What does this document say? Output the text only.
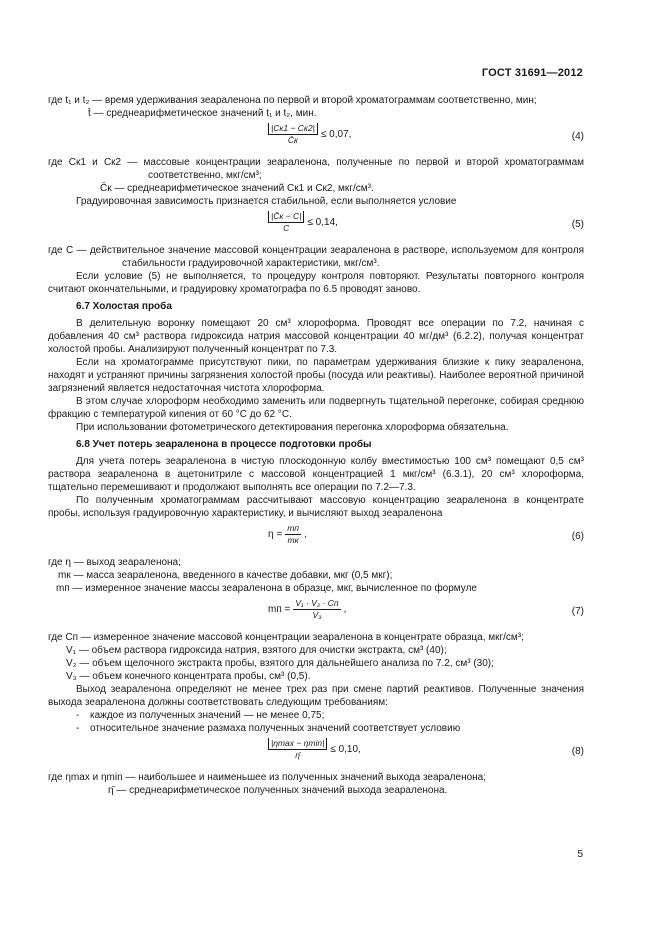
ГОСТ 31691—2012

где t₁ и t₂ — время удерживания зеараленона по первой и второй хроматограммам соответственно, мин;

t̄ — среднеарифметическое значений t₁ и t₂, мин.

$\frac{|Cк1 - Cк2|}{C̄к} \le 0,07$,	(4)

где Cк1 и Cк2 — массовые концентрации зеараленона, полученные по первой и второй хроматограммам соответственно, мкг/см³;

C̄к — среднеарифметическое значений Cк1 и Cк2, мкг/см³.

Градуировочная зависимость признается стабильной, если выполняется условие

$\frac{|C̄к - C|}{C} \le 0,14$,	(5)

где C — действительное значение массовой концентрации зеараленона в растворе, используемом для контроля стабильности градуировочной характеристики, мкг/см³.

Если условие (5) не выполняется, то процедуру контроля повторяют. Результаты повторного контроля считают окончательными, и градуировку хроматографа по 6.5 проводят заново.

6.7 Холостая проба

В делительную воронку помещают 20 см³ хлороформа. Проводят все операции по 7.2, начиная с добавления 40 см³ раствора гидроксида натрия массовой концентрации 40 мг/дм³ (6.2.2), получая концентрат холостой пробы. Анализируют полученный концентрат по 7.3.

Если на хроматограмме присутствуют пики, по параметрам удерживания близкие к пику зеараленона, находят и устраняют причины загрязнения холостой пробы (посуда или реактивы). Наиболее вероятной причиной загрязнений является недостаточная чистота хлороформа.

В этом случае хлороформ необходимо заменить или подвергнуть тщательной перегонке, собирая среднюю фракцию с температурой кипения от 60 °С до 62 °С.

При использовании фотометрического детектирования перегонка хлороформа обязательна.

6.8 Учет потерь зеараленона в процессе подготовки пробы

Для учета потерь зеараленона в чистую плоскодонную колбу вместимостью 100 см³ помещают 0,5 см³ раствора зеараленона в ацетонитриле с массовой концентрацией 1 мкг/см³ (6.3.1), 20 см³ хлороформа, тщательно перемешивают и продолжают выполнять все операции по 7.2—7.3.

По полученным хроматограммам рассчитывают массовую концентрацию зеараленона в концентрате пробы, используя градуировочную характеристику, и вычисляют выход зеараленона

$\eta = \frac{mп}{mк}$ ,	(6)

где η — выход зеараленона;

mк — масса зеараленона, введенного в качестве добавки, мкг (0,5 мкг);

mп — измеренное значение массы зеараленона в образце, мкг, вычисленное по формуле

mп = $\frac{\text{V₁ · V₂ · Cп}}{\text{V₃}}$ ,	(7)

где Cп — измеренное значение массовой концентрации зеараленона в концентрате образца, мкг/см³;

V₁ — объем раствора гидроксида натрия, взятого для очистки экстракта, см³ (40);

V₂ — объем щелочного экстракта пробы, взятого для дальнейшего анализа по 7.2, см³ (30);

V₃ — объем конечного концентрата пробы, см³ (0,5).

Выход зеараленона определяют не менее трех раз при смене партий реактивов. Полученные значения выхода зеараленона должны соответствовать следующим требованиям:

- каждое из полученных значений — не менее 0,75;

- относительное значение размаха полученных значений соответствует условию

$\frac{|\eta\max - \eta\min|}{\etā} \le 0,10$,	(8)

где ηmax и ηmin — наибольшее и наименьшее из полученных значений выхода зеараленона;

η̄ — среднеарифметическое полученных значений выхода зеараленона.

5
